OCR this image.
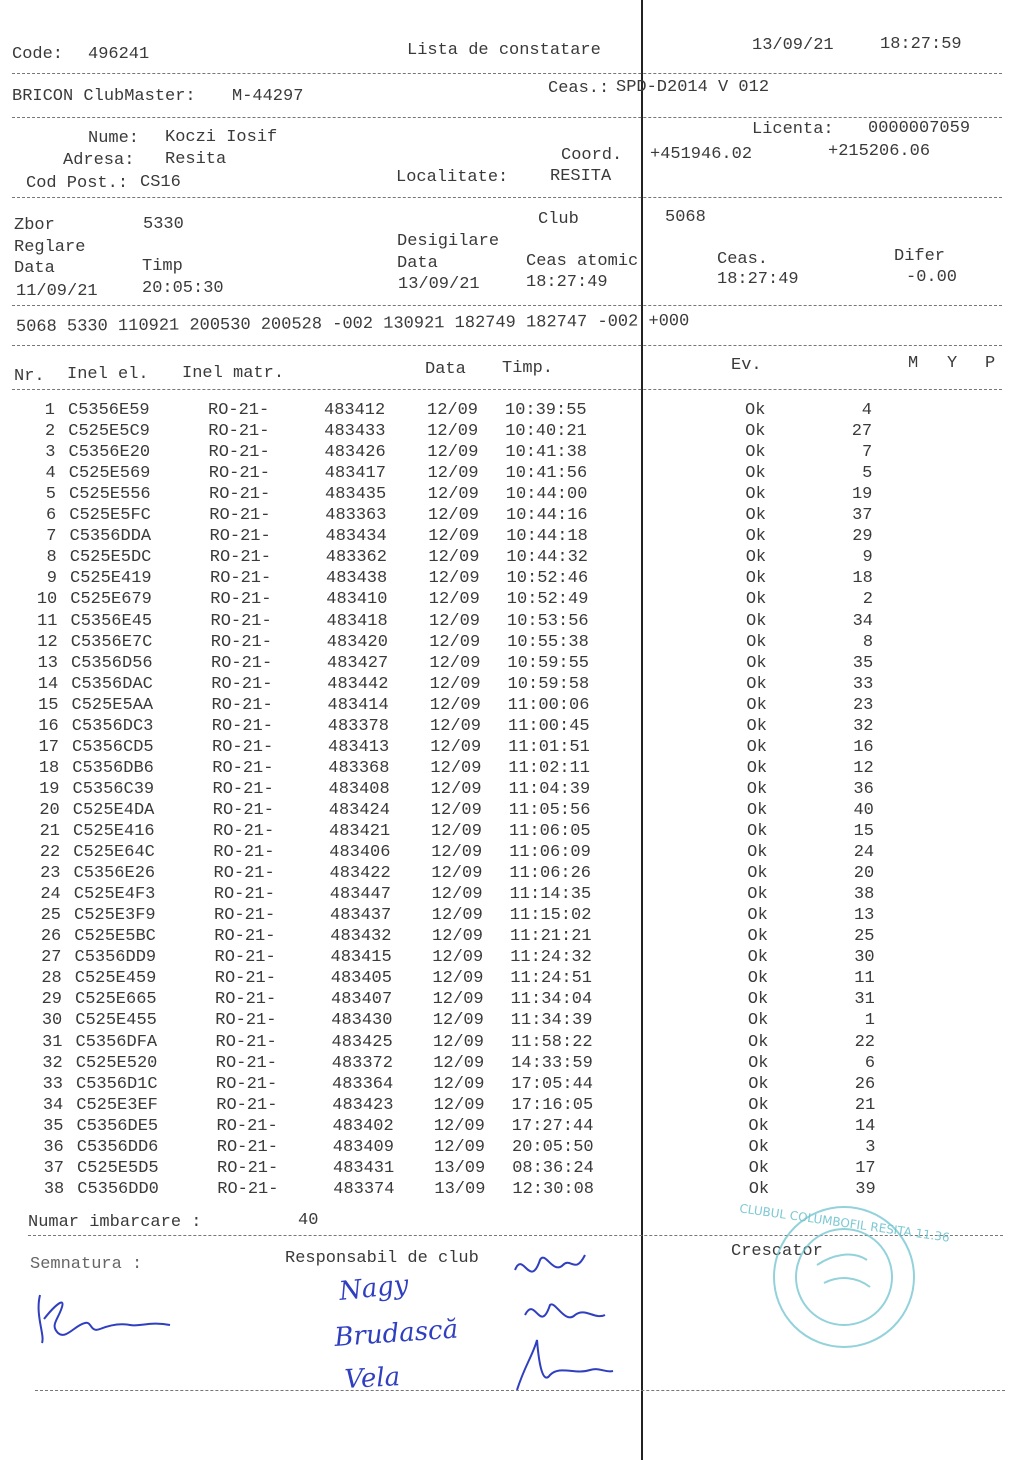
Code: 496241	Lista de constatare	13/09/21	18:27:59
BRICON ClubMaster: M-44297	Ceas.: SPD-D2014 V 012
Nume: Koczi Iosif
Adresa: Resita
Cod Post.: CS16
Licenta: 0000007059
Coord. +451946.02	+215206.06
Localitate: RESITA
Zbor	5330	Club	5068
Reglare	Desigilare
Data	Timp	Data	Ceas atomic	Ceas.	Difer
11/09/21	20:05:30	13/09/21	18:27:49	18:27:49	-0.00
5068 5330 110921 200530 200528 -002 130921 182749 182747 -002 +000
Nr. Inel el. Inel matr.	Data Timp.	Ev.	M Y P
1 C5356E59	RO-21-	483412 12/09 10:39:55	Ok	4
2 C525E5C9	RO-21-	483433 12/09 10:40:21	Ok	27
3 C5356E20	RO-21-	483426 12/09 10:41:38	Ok	7
4 C525E569	RO-21-	483417 12/09 10:41:56	Ok	5
5 C525E556	RO-21-	483435 12/09 10:44:00	Ok	19
6 C525E5FC	RO-21-	483363 12/09 10:44:16	Ok	37
7 C5356DDA	RO-21-	483434 12/09 10:44:18	Ok	29
8 C525E5DC	RO-21-	483362 12/09 10:44:32	Ok	9
9 C525E419	RO-21-	483438 12/09 10:52:46	Ok	18
10 C525E679	RO-21-	483410 12/09 10:52:49	Ok	2
11 C5356E45	RO-21-	483418 12/09 10:53:56	Ok	34
12 C5356E7C	RO-21-	483420 12/09 10:55:38	Ok	8
13 C5356D56	RO-21-	483427 12/09 10:59:55	Ok	35
14 C5356DAC	RO-21-	483442 12/09 10:59:58	Ok	33
15 C525E5AA	RO-21-	483414 12/09 11:00:06	Ok	23
16 C5356DC3	RO-21-	483378 12/09 11:00:45	Ok	32
17 C5356CD5	RO-21-	483413 12/09 11:01:51	Ok	16
18 C5356DB6	RO-21-	483368 12/09 11:02:11	Ok	12
19 C5356C39	RO-21-	483408 12/09 11:04:39	Ok	36
20 C525E4DA	RO-21-	483424 12/09 11:05:56	Ok	40
21 C525E416	RO-21-	483421 12/09 11:06:05	Ok	15
22 C525E64C	RO-21-	483406 12/09 11:06:09	Ok	24
23 C5356E26	RO-21-	483422 12/09 11:06:26	Ok	20
24 C525E4F3	RO-21-	483447 12/09 11:14:35	Ok	38
25 C525E3F9	RO-21-	483437 12/09 11:15:02	Ok	13
26 C525E5BC	RO-21-	483432 12/09 11:21:21	Ok	25
27 C5356DD9	RO-21-	483415 12/09 11:24:32	Ok	30
28 C525E459	RO-21-	483405 12/09 11:24:51	Ok	11
29 C525E665	RO-21-	483407 12/09 11:34:04	Ok	31
30 C525E455	RO-21-	483430 12/09 11:34:39	Ok	1
31 C5356DFA	RO-21-	483425 12/09 11:58:22	Ok	22
32 C525E520	RO-21-	483372 12/09 14:33:59	Ok	6
33 C5356D1C	RO-21-	483364 12/09 17:05:44	Ok	26
34 C525E3EF	RO-21-	483423 12/09 17:16:05	Ok	21
35 C5356DE5	RO-21-	483402 12/09 17:27:44	Ok	14
36 C5356DD6	RO-21-	483409 12/09 20:05:50	Ok	3
37 C525E5D5	RO-21-	483431 13/09 08:36:24	Ok	17
38 C5356DD0	RO-21-	483374 13/09 12:30:08	Ok	39
Numar imbarcare :	40
Semnatura :	Responsabil de club	Crescator
Nagy
Brudască
Vela
CLUBUL COLUMBOFIL RESITA 11.36
